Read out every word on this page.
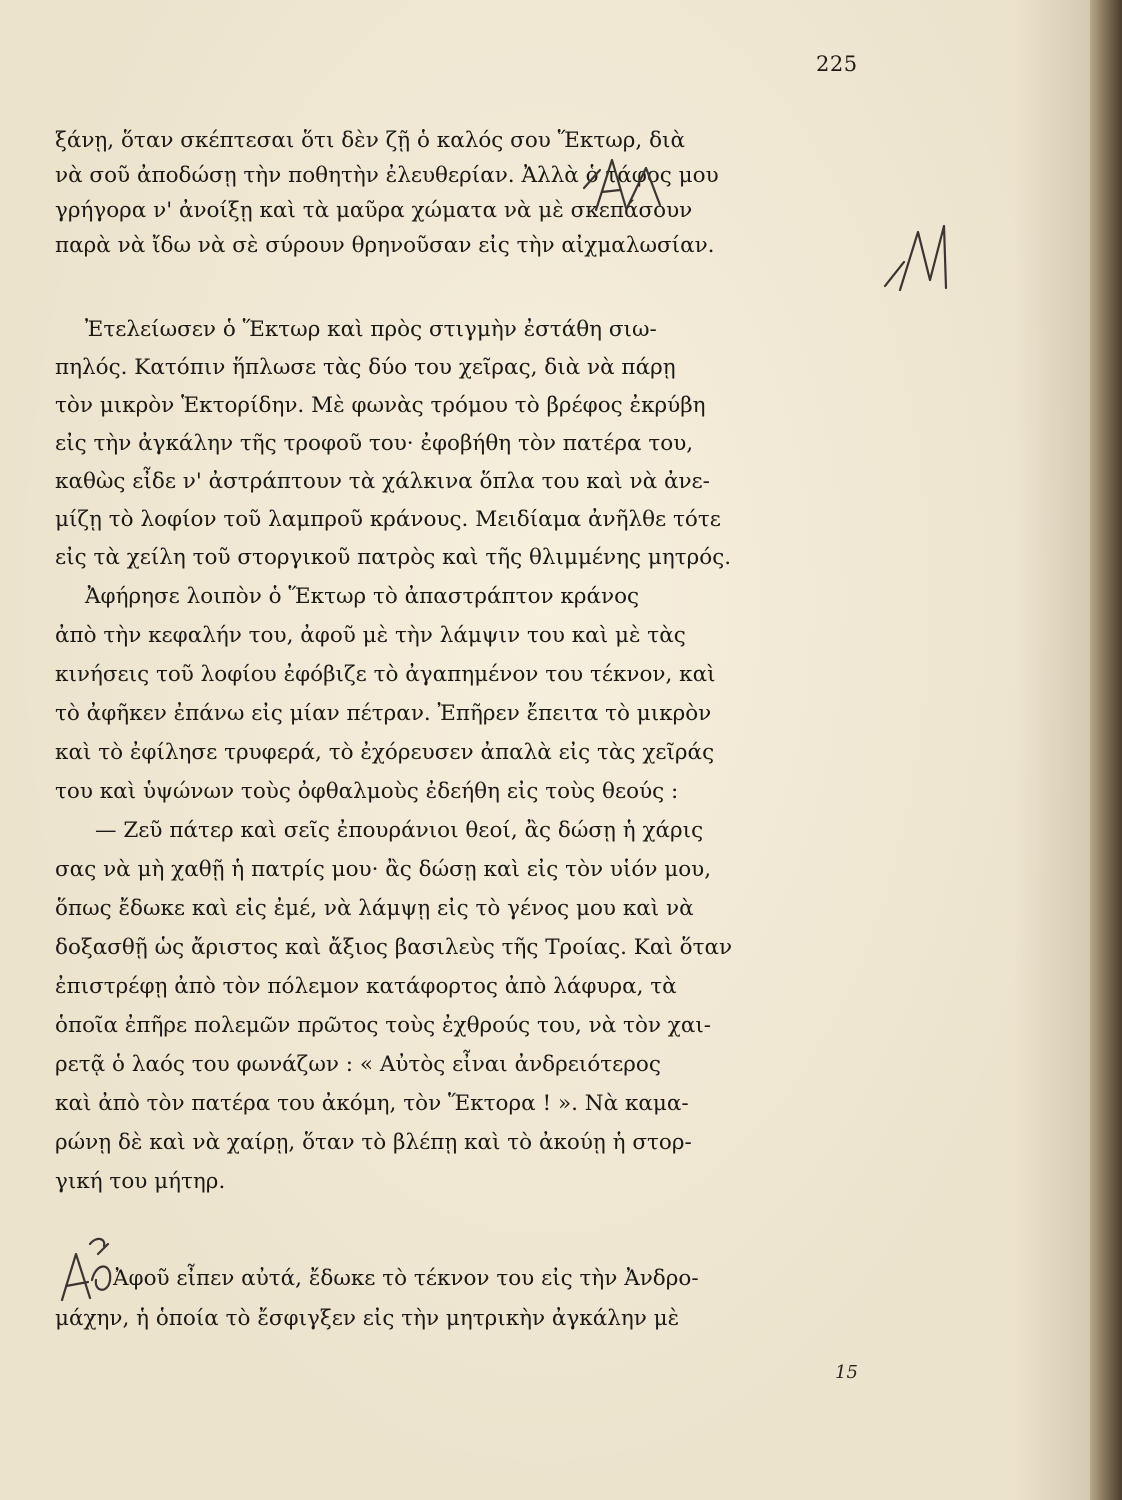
225
ξάνῃ, ὅταν σκέπτεσαι ὅτι δὲν ζῇ ὁ καλός σου Ἕκτωρ, διὰ
νὰ σοῦ ἀποδώσῃ τὴν ποθητὴν ἐλευθερίαν. Ἀλλὰ ὁ τάφος μου
γρήγορα ν' ἀνοίξῃ καὶ τὰ μαῦρα χώματα νὰ μὲ σκεπάσουν
παρὰ νὰ ἴδω νὰ σὲ σύρουν θρηνοῦσαν εἰς τὴν αἰχμαλωσίαν.
Ἐτελείωσεν ὁ Ἕκτωρ καὶ πρὸς στιγμὴν ἐστάθη σιω-
πηλός. Κατόπιν ἥπλωσε τὰς δύο του χεῖρας, διὰ νὰ πάρῃ
τὸν μικρὸν Ἑκτορίδην. Μὲ φωνὰς τρόμου τὸ βρέφος ἐκρύβη
εἰς τὴν ἀγκάλην τῆς τροφοῦ του· ἐφοβήθη τὸν πατέρα του,
καθὼς εἶδε ν' ἀστράπτουν τὰ χάλκινα ὅπλα του καὶ νὰ ἀνε-
μίζῃ τὸ λοφίον τοῦ λαμπροῦ κράνους. Μειδίαμα ἀνῆλθε τότε
εἰς τὰ χείλη τοῦ στοργικοῦ πατρὸς καὶ τῆς θλιμμένης μητρός.
Ἀφήρησε λοιπὸν ὁ Ἕκτωρ τὸ ἀπαστράπτον κράνος
ἀπὸ τὴν κεφαλήν του, ἀφοῦ μὲ τὴν λάμψιν του καὶ μὲ τὰς
κινήσεις τοῦ λοφίου ἐφόβιζε τὸ ἀγαπημένον του τέκνον, καὶ
τὸ ἀφῆκεν ἐπάνω εἰς μίαν πέτραν. Ἐπῆρεν ἔπειτα τὸ μικρὸν
καὶ τὸ ἐφίλησε τρυφερά, τὸ ἐχόρευσεν ἀπαλὰ εἰς τὰς χεῖράς
του καὶ ὑψώνων τοὺς ὀφθαλμοὺς ἐδεήθη εἰς τοὺς θεούς :
— Ζεῦ πάτερ καὶ σεῖς ἐπουράνιοι θεοί, ἂς δώσῃ ἡ χάρις
σας νὰ μὴ χαθῇ ἡ πατρίς μου· ἂς δώσῃ καὶ εἰς τὸν υἱόν μου,
ὅπως ἔδωκε καὶ εἰς ἐμέ, νὰ λάμψῃ εἰς τὸ γένος μου καὶ νὰ
δοξασθῇ ὡς ἄριστος καὶ ἄξιος βασιλεὺς τῆς Τροίας. Καὶ ὅταν
ἐπιστρέφῃ ἀπὸ τὸν πόλεμον κατάφορτος ἀπὸ λάφυρα, τὰ
ὁποῖα ἐπῆρε πολεμῶν πρῶτος τοὺς ἐχθρούς του, νὰ τὸν χαι-
ρετᾷ ὁ λαός του φωνάζων : « Αὐτὸς εἶναι ἀνδρειότερος
καὶ ἀπὸ τὸν πατέρα του ἀκόμη, τὸν Ἕκτορα ! ». Νὰ καμα-
ρώνῃ δὲ καὶ νὰ χαίρῃ, ὅταν τὸ βλέπῃ καὶ τὸ ἀκούῃ ἡ στορ-
γική του μήτηρ.
Ἀφοῦ εἶπεν αὐτά, ἔδωκε τὸ τέκνον του εἰς τὴν Ἀνδρο-
μάχην, ἡ ὁποία τὸ ἔσφιγξεν εἰς τὴν μητρικὴν ἀγκάλην μὲ
15
